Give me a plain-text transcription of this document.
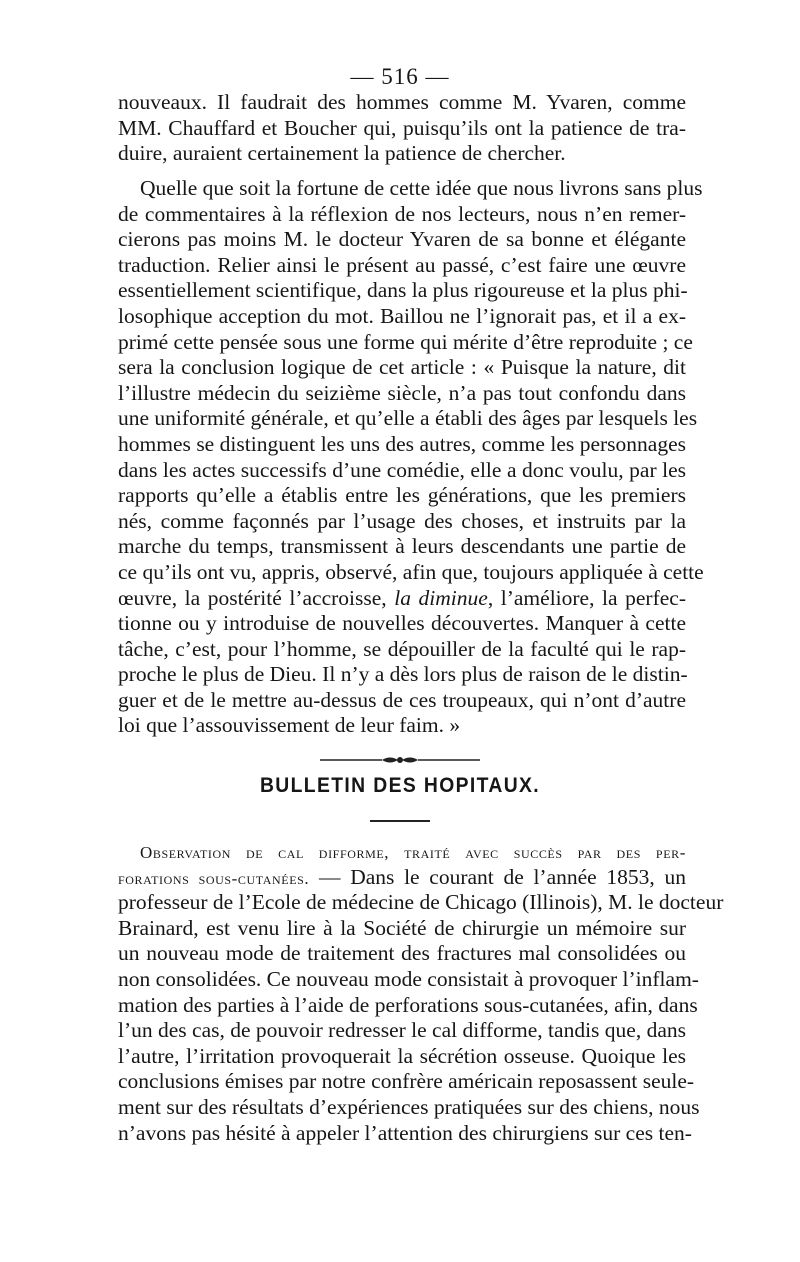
— 516 —
nouveaux. Il faudrait des hommes comme M. Yvaren, comme
MM. Chauffard et Boucher qui, puisqu’ils ont la patience de tra-
duire, auraient certainement la patience de chercher.
Quelle que soit la fortune de cette idée que nous livrons sans plus
de commentaires à la réflexion de nos lecteurs, nous n’en remer-
cierons pas moins M. le docteur Yvaren de sa bonne et élégante
traduction. Relier ainsi le présent au passé, c’est faire une œuvre
essentiellement scientifique, dans la plus rigoureuse et la plus phi-
losophique acception du mot. Baillou ne l’ignorait pas, et il a ex-
primé cette pensée sous une forme qui mérite d’être reproduite ; ce
sera la conclusion logique de cet article : « Puisque la nature, dit
l’illustre médecin du seizième siècle, n’a pas tout confondu dans
une uniformité générale, et qu’elle a établi des âges par lesquels les
hommes se distinguent les uns des autres, comme les personnages
dans les actes successifs d’une comédie, elle a donc voulu, par les
rapports qu’elle a établis entre les générations, que les premiers
nés, comme façonnés par l’usage des choses, et instruits par la
marche du temps, transmissent à leurs descendants une partie de
ce qu’ils ont vu, appris, observé, afin que, toujours appliquée à cette
œuvre, la postérité l’accroisse, la diminue, l’améliore, la perfec-
tionne ou y introduise de nouvelles découvertes. Manquer à cette
tâche, c’est, pour l’homme, se dépouiller de la faculté qui le rap-
proche le plus de Dieu. Il n’y a dès lors plus de raison de le distin-
guer et de le mettre au-dessus de ces troupeaux, qui n’ont d’autre
loi que l’assouvissement de leur faim. »
BULLETIN DES HOPITAUX.
Observation de cal difforme, traité avec succès par des per-
forations sous-cutanées. — Dans le courant de l’année 1853, un
professeur de l’Ecole de médecine de Chicago (Illinois), M. le docteur
Brainard, est venu lire à la Société de chirurgie un mémoire sur
un nouveau mode de traitement des fractures mal consolidées ou
non consolidées. Ce nouveau mode consistait à provoquer l’inflam-
mation des parties à l’aide de perforations sous-cutanées, afin, dans
l’un des cas, de pouvoir redresser le cal difforme, tandis que, dans
l’autre, l’irritation provoquerait la sécrétion osseuse. Quoique les
conclusions émises par notre confrère américain reposassent seule-
ment sur des résultats d’expériences pratiquées sur des chiens, nous
n’avons pas hésité à appeler l’attention des chirurgiens sur ces ten-
